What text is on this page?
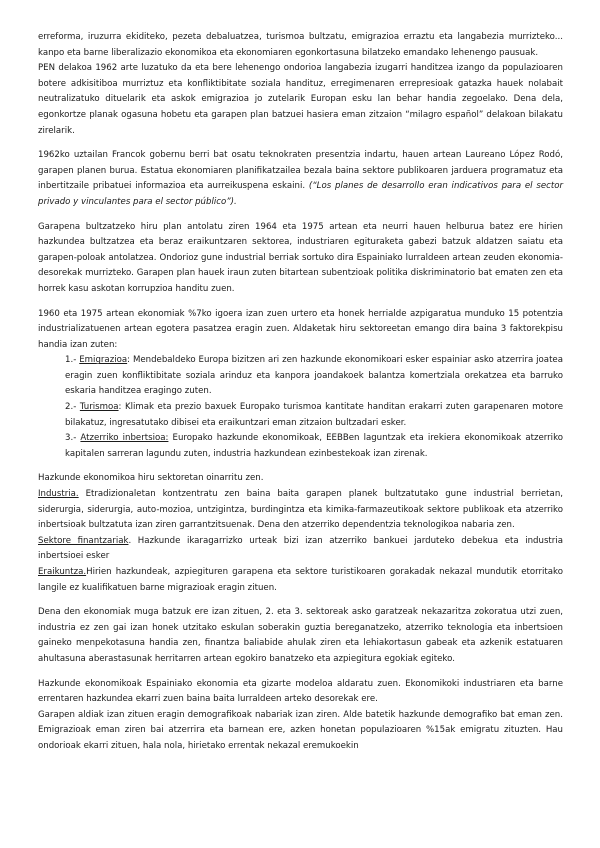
erreforma, iruzurra ekiditeko, pezeta debaluatzea, turismoa bultzatu, emigrazioa erraztu eta langabezia murrizteko... kanpo eta barne liberalizazio ekonomikoa eta ekonomiaren egonkortasuna bilatzeko emandako lehenengo pausuak.

PEN delakoa 1962 arte luzatuko da eta bere lehenengo ondorioa langabezia izugarri handitzea izango da populazioaren botere adkisitiboa murriztuz eta konfliktibitate soziala handituz, erregimenaren errepresioak gatazka hauek nolabait neutralizatuko dituelarik eta askok emigrazioa jo zutelarik Europan esku lan behar handia zegoelako. Dena dela, egonkortze planak ogasuna hobetu eta garapen plan batzuei hasiera eman zitzaion “milagro español” delakoan bilakatu zirelarik.

1962ko uztailan Francok gobernu berri bat osatu teknokraten presentzia indartu, hauen artean Laureano López Rodó, garapen planen burua. Estatua ekonomiaren planifikatzailea bezala baina sektore publikoaren jarduera programatuz eta inbertitzaile pribatuei informazioa eta aurreikuspena eskaini. (“Los planes de desarrollo eran indicativos para el sector privado y vinculantes para el sector público”).

Garapena bultzatzeko hiru plan antolatu ziren 1964 eta 1975 artean eta neurri hauen helburua batez ere hirien hazkundea bultzatzea eta beraz eraikuntzaren sektorea, industriaren egituraketa gabezi batzuk aldatzen saiatu eta garapen-poloak antolatzea. Ondorioz gune industrial berriak sortuko dira Espainiako lurraldeen artean zeuden ekonomia-desorekak murrizteko. Garapen plan hauek iraun zuten bitartean subentzioak politika diskriminatorio bat ematen zen eta horrek kasu askotan korrupzioa handitu zuen.

1960 eta 1975 artean ekonomiak %7ko igoera izan zuen urtero eta honek herrialde azpigaratua munduko 15 potentzia industrializatuenen artean egotera pasatzea eragin zuen. Aldaketak hiru sektoreetan emango dira baina 3 faktorekpisu handia izan zuten:

1.- Emigrazioa: Mendebaldeko Europa bizitzen ari zen hazkunde ekonomikoari esker espainiar asko atzerrira joatea eragin zuen konfliktibitate soziala arinduz eta kanpora joandakoek balantza komertziala orekatzea eta barruko eskaria handitzea eragingo zuten.

2.- Turismoa: Klimak eta prezio baxuek Europako turismoa kantitate handitan erakarri zuten garapenaren motore bilakatuz, ingresatutako dibisei eta eraikuntzari eman zitzaion bultzadari esker.

3.- Atzerriko inbertsioa: Europako hazkunde ekonomikoak, EEBBen laguntzak eta irekiera ekonomikoak atzerriko kapitalen sarreran lagundu zuten, industria hazkundean ezinbestekoak izan zirenak.

Hazkunde ekonomikoa hiru sektoretan oinarritu zen.

Industria. Etradizionaletan kontzentratu zen baina baita garapen planek bultzatutako gune industrial berrietan, siderurgia, siderurgia, auto-mozioa, untzigintza, burdingintza eta kimika-farmazeutikoak sektore publikoak eta atzerriko inbertsioak bultzatuta izan ziren garrantzitsuenak. Dena den atzerriko dependentzia teknologikoa nabaria zen.

Sektore finantzariak. Hazkunde ikaragarrizko urteak bizi izan atzerriko bankuei jarduteko debekua eta industria inbertsioei esker

Eraikuntza.Hirien hazkundeak, azpiegituren garapena eta sektore turistikoaren gorakadak nekazal mundutik etorritako langile ez kualifikatuen barne migrazioak eragin zituen.

Dena den ekonomiak muga batzuk ere izan zituen, 2. eta 3. sektoreak asko garatzeak nekazaritza zokoratua utzi zuen, industria ez zen gai izan honek utzitako eskulan soberakin guztia bereganatzeko, atzerriko teknologia eta inbertsioen gaineko menpekotasuna handia zen, finantza baliabide ahulak ziren eta lehiakortasun gabeak eta azkenik estatuaren ahultasuna aberastasunak herritarren artean egokiro banatzeko eta azpiegitura egokiak egiteko.

Hazkunde ekonomikoak Espainiako ekonomia eta gizarte modeloa aldaratu zuen. Ekonomikoki industriaren eta barne errentaren hazkundea ekarri zuen baina baita lurraldeen arteko desorekak ere.

Garapen aldiak izan zituen eragin demografikoak nabariak izan ziren. Alde batetik hazkunde demografiko bat eman zen. Emigrazioak eman ziren bai atzerrira eta barnean ere, azken honetan populazioaren %15ak emigratu zituzten. Hau ondorioak ekarri zituen, hala nola, hirietako errentak nekazal eremukoekin
